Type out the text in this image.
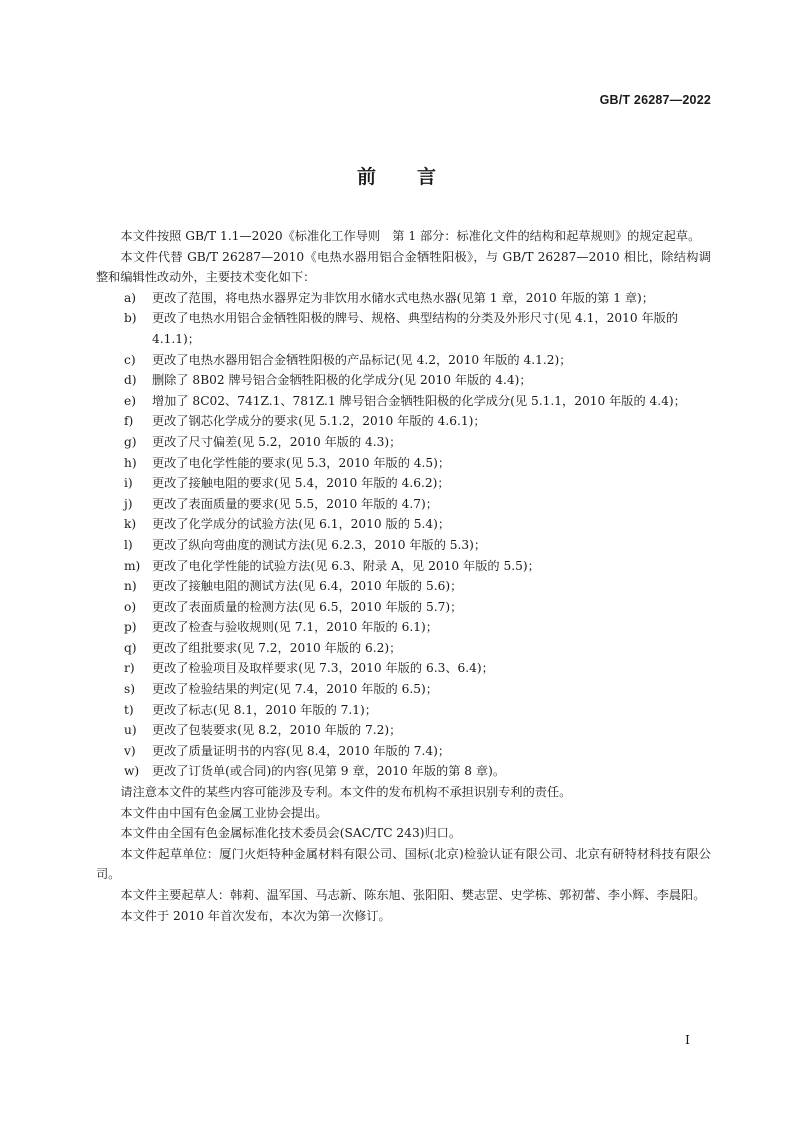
GB/T 26287—2022
前　　言

本文件按照 GB/T 1.1—2020《标准化工作导则　第 1 部分：标准化文件的结构和起草规则》的规定起草。

本文件代替 GB/T 26287—2010《电热水器用铝合金牺牲阳极》，与 GB/T 26287—2010 相比，除结构调整和编辑性改动外，主要技术变化如下：

a)	更改了范围，将电热水器界定为非饮用水储水式电热水器(见第 1 章，2010 年版的第 1 章)；

b)	更改了电热水用铝合金牺牲阳极的牌号、规格、典型结构的分类及外形尺寸(见 4.1，2010 年版的 4.1.1)；

c)	更改了电热水器用铝合金牺牲阳极的产品标记(见 4.2，2010 年版的 4.1.2)；

d)	删除了 8B02 牌号铝合金牺牲阳极的化学成分(见 2010 年版的 4.4)；

e)	增加了 8C02、741Z.1、781Z.1 牌号铝合金牺牲阳极的化学成分(见 5.1.1，2010 年版的 4.4)；

f)	更改了钢芯化学成分的要求(见 5.1.2，2010 年版的 4.6.1)；

g)	更改了尺寸偏差(见 5.2，2010 年版的 4.3)；

h)	更改了电化学性能的要求(见 5.3，2010 年版的 4.5)；

i)	更改了接触电阻的要求(见 5.4，2010 年版的 4.6.2)；

j)	更改了表面质量的要求(见 5.5，2010 年版的 4.7)；

k)	更改了化学成分的试验方法(见 6.1，2010 版的 5.4)；

l)	更改了纵向弯曲度的测试方法(见 6.2.3，2010 年版的 5.3)；

m) 更改了电化学性能的试验方法(见 6.3、附录 A，见 2010 年版的 5.5)；

n)	更改了接触电阻的测试方法(见 6.4，2010 年版的 5.6)；

o)	更改了表面质量的检测方法(见 6.5，2010 年版的 5.7)；

p)	更改了检查与验收规则(见 7.1，2010 年版的 6.1)；

q)	更改了组批要求(见 7.2，2010 年版的 6.2)；

r)	更改了检验项目及取样要求(见 7.3，2010 年版的 6.3、6.4)；

s)	更改了检验结果的判定(见 7.4，2010 年版的 6.5)；

t)	更改了标志(见 8.1，2010 年版的 7.1)；

u)	更改了包装要求(见 8.2，2010 年版的 7.2)；

v)	更改了质量证明书的内容(见 8.4，2010 年版的 7.4)；

w)	更改了订货单(或合同)的内容(见第 9 章，2010 年版的第 8 章)。

请注意本文件的某些内容可能涉及专利。本文件的发布机构不承担识别专利的责任。

本文件由中国有色金属工业协会提出。

本文件由全国有色金属标准化技术委员会(SAC/TC 243)归口。

本文件起草单位：厦门火炬特种金属材料有限公司、国标(北京)检验认证有限公司、北京有研特材科技有限公司。

本文件主要起草人：韩莉、温军国、马志新、陈东旭、张阳阳、樊志罡、史学栋、郭初蕾、李小辉、李晨阳。

本文件于 2010 年首次发布，本次为第一次修订。

I
